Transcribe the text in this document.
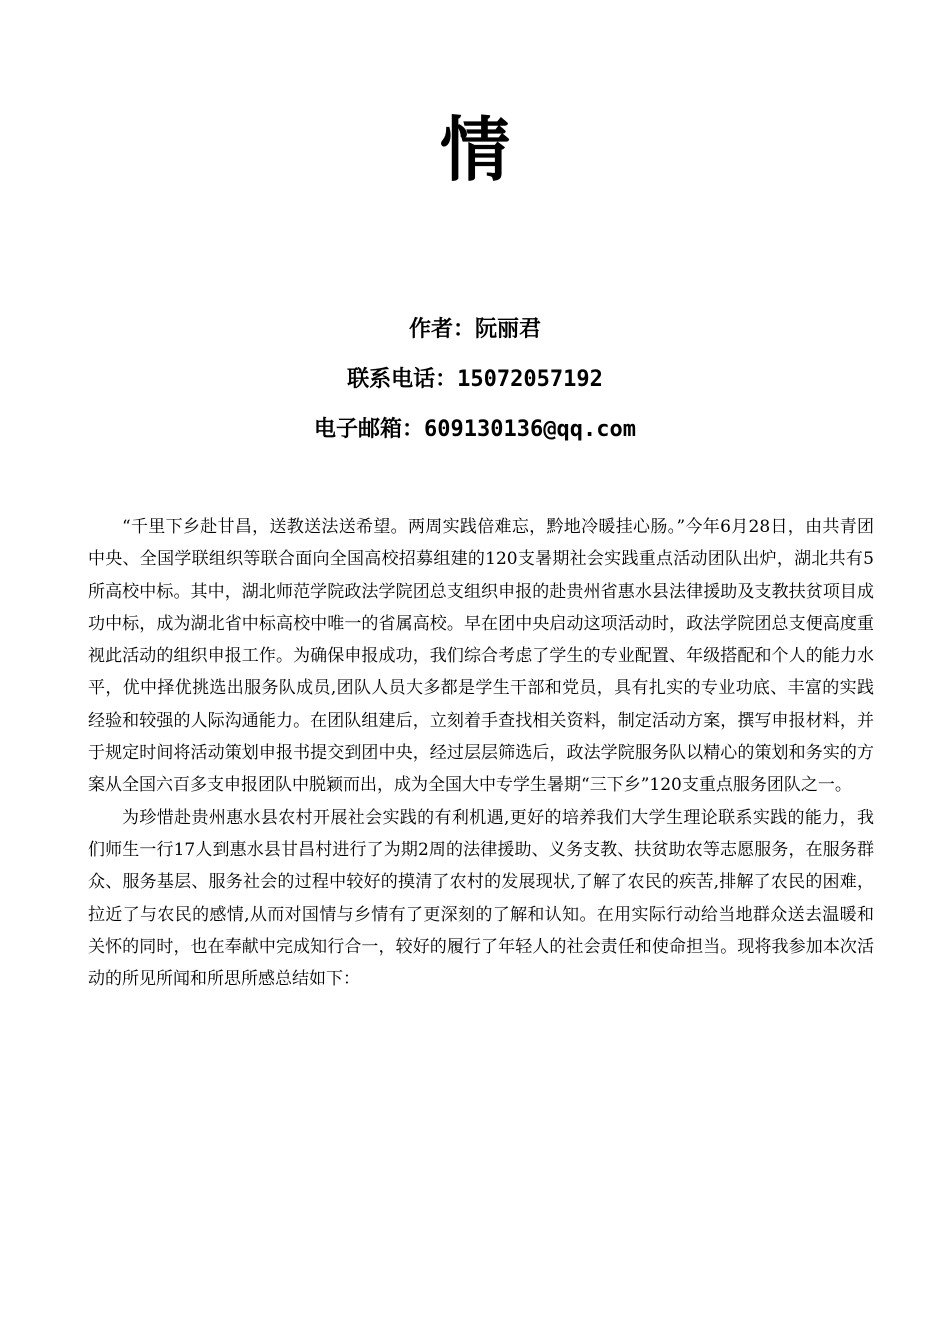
情
作者：阮丽君
联系电话：15072057192
电子邮箱：609130136@qq.com

“千里下乡赴甘昌，送教送法送希望。两周实践倍难忘，黔地冷暖挂心肠。”今年6月28日，由共青团中央、全国学联组织等联合面向全国高校招募组建的120支暑期社会实践重点活动团队出炉，湖北共有5所高校中标。其中，湖北师范学院政法学院团总支组织申报的赴贵州省惠水县法律援助及支教扶贫项目成功中标，成为湖北省中标高校中唯一的省属高校。早在团中央启动这项活动时，政法学院团总支便高度重视此活动的组织申报工作。为确保申报成功，我们综合考虑了学生的专业配置、年级搭配和个人的能力水平，优中择优挑选出服务队成员,团队人员大多都是学生干部和党员，具有扎实的专业功底、丰富的实践经验和较强的人际沟通能力。在团队组建后，立刻着手查找相关资料，制定活动方案，撰写申报材料，并于规定时间将活动策划申报书提交到团中央，经过层层筛选后，政法学院服务队以精心的策划和务实的方案从全国六百多支申报团队中脱颖而出，成为全国大中专学生暑期“三下乡”120支重点服务团队之一。

为珍惜赴贵州惠水县农村开展社会实践的有利机遇,更好的培养我们大学生理论联系实践的能力，我们师生一行17人到惠水县甘昌村进行了为期2周的法律援助、义务支教、扶贫助农等志愿服务，在服务群众、服务基层、服务社会的过程中较好的摸清了农村的发展现状,了解了农民的疾苦,排解了农民的困难，拉近了与农民的感情,从而对国情与乡情有了更深刻的了解和认知。在用实际行动给当地群众送去温暖和关怀的同时，也在奉献中完成知行合一，较好的履行了年轻人的社会责任和使命担当。现将我参加本次活动的所见所闻和所思所感总结如下：
